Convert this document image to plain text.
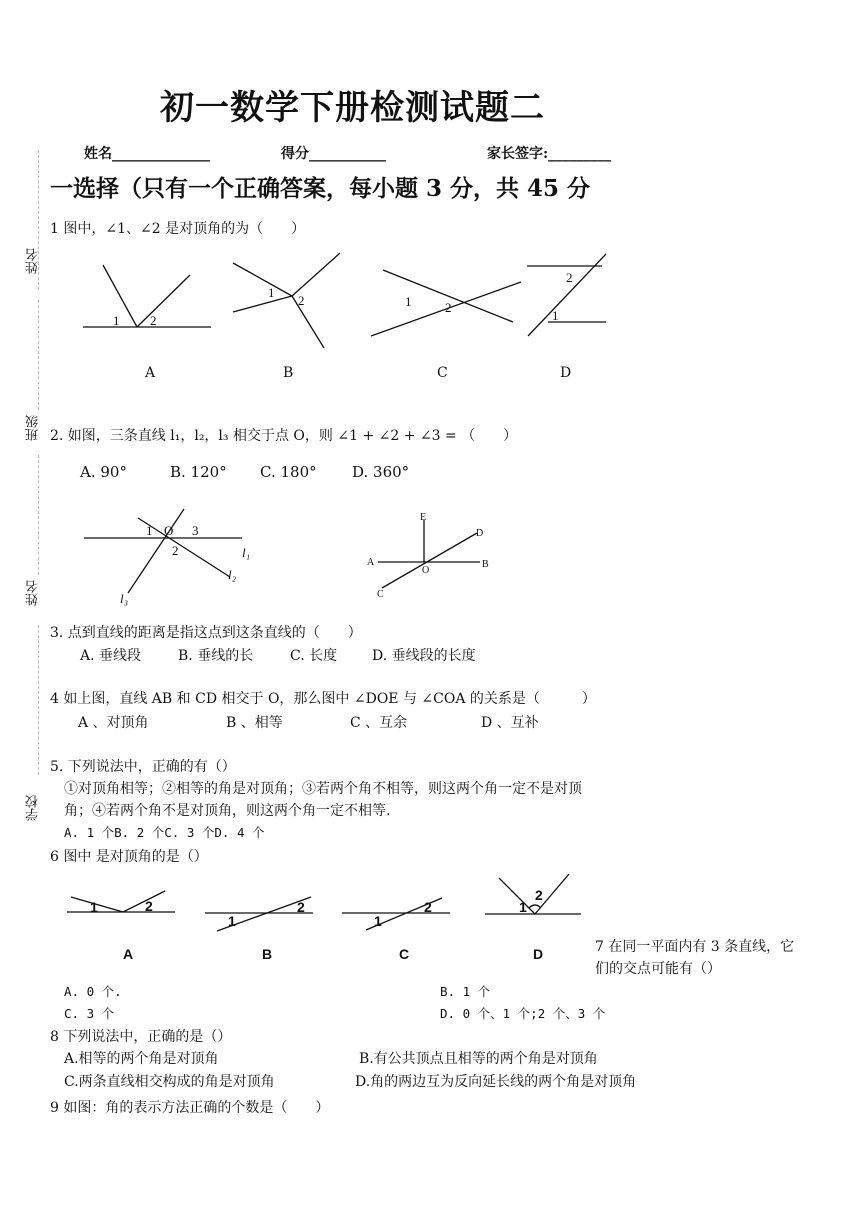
初一数学下册检测试题二
姓名______________	得分___________	家长签字:_________
姓名
班级
姓名
学校
一选择（只有一个正确答案，每小题 3 分，共 45 分
1 图中，∠1、∠2 是对顶角的为（　　）
1 2
1
2	1	2
2
1
A	B	C	D
2. 如图，三条直线 l₁，l₂，l₃ 相交于点 O，则 ∠1 + ∠2 + ∠3 = （　　）
A. 90°	B. 120° C. 180° D. 360°
1 O 3
2	l₁
l₂
l₃
E
D
A	B
O
C
3. 点到直线的距离是指这点到这条直线的（　　）
A. 垂线段	B. 垂线的长	C. 长度 D. 垂线段的长度
4 如上图，直线 AB 和 CD 相交于 O，那么图中 ∠DOE 与 ∠COA 的关系是（　　　）
A 、对顶角	B 、相等	C 、互余	D 、互补
5. 下列说法中，正确的有（）
①对顶角相等；②相等的角是对顶角；③若两个角不相等，则这两个角一定不是对顶
角；④若两个角不是对顶角，则这两个角一定不相等.
A. 1 个B. 2 个C. 3 个D. 4 个
6 图中 是对顶角的是（）
1	2
1
2
1
2	1
2
A	B	C	D	7 在同一平面内有 3 条直线，它
们的交点可能有（）
A. 0 个.	B. 1 个
C. 3 个	D. 0 个、1 个;2 个、3 个
8 下列说法中，正确的是（）
A.相等的两个角是对顶角	B.有公共顶点且相等的两个角是对顶角
C.两条直线相交构成的角是对顶角	D.角的两边互为反向延长线的两个角是对顶角
9 如图：角的表示方法正确的个数是（　　）
